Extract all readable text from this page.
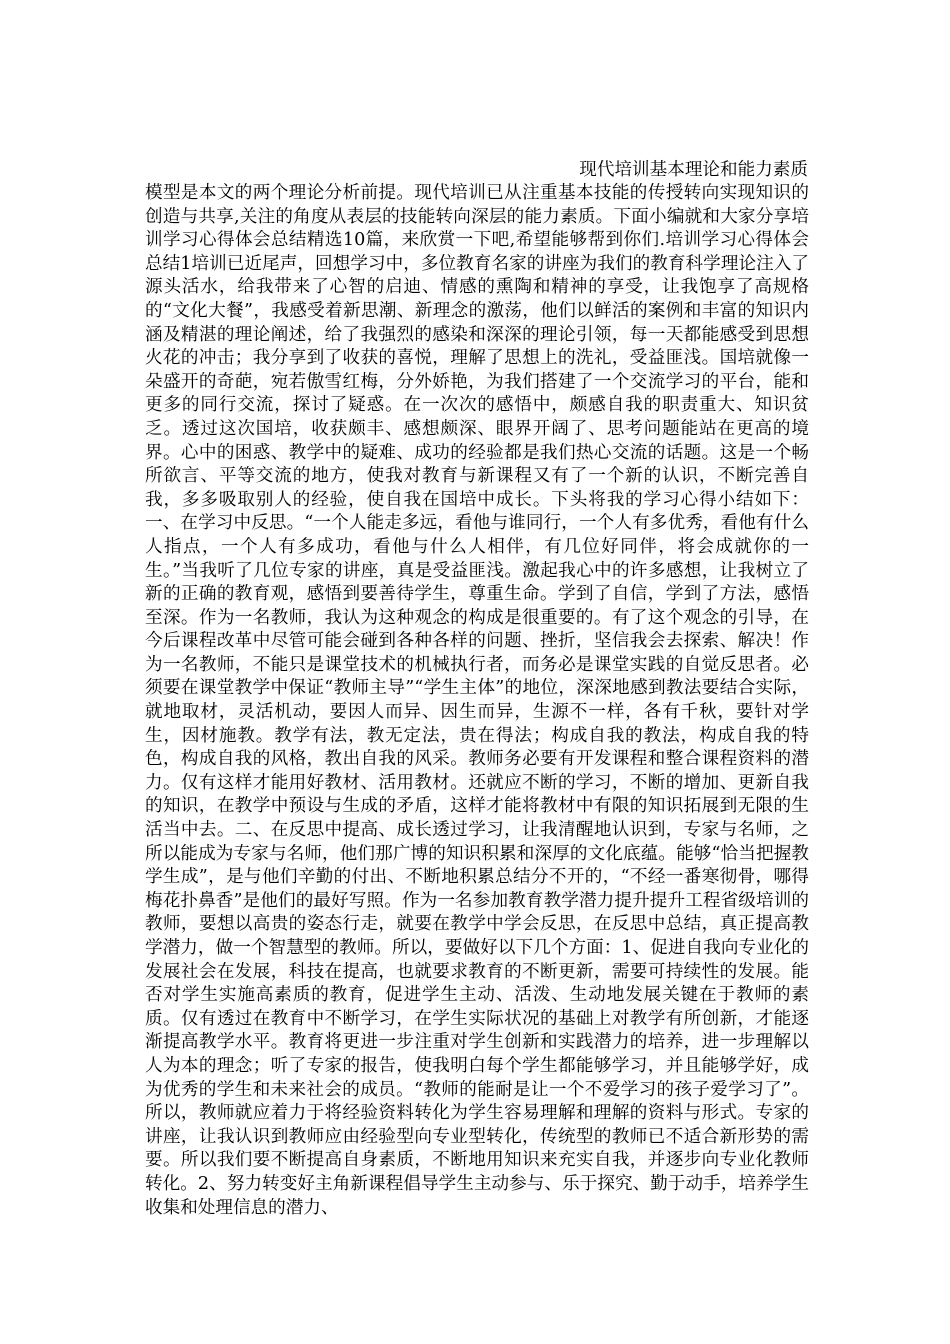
现代培训基本理论和能力素质

模型是本文的两个理论分析前提。现代培训已从注重基本技能的传授转向实现知识的创造与共享,关注的角度从表层的技能转向深层的能力素质。下面小编就和大家分享培训学习心得体会总结精选10篇，来欣赏一下吧,希望能够帮到你们.培训学习心得体会总结1培训已近尾声，回想学习中，多位教育名家的讲座为我们的教育科学理论注入了源头活水，给我带来了心智的启迪、情感的熏陶和精神的享受，让我饱享了高规格的“文化大餐”，我感受着新思潮、新理念的激荡，他们以鲜活的案例和丰富的知识内涵及精湛的理论阐述，给了我强烈的感染和深深的理论引领，每一天都能感受到思想火花的冲击；我分享到了收获的喜悦，理解了思想上的洗礼，受益匪浅。国培就像一朵盛开的奇葩，宛若傲雪红梅，分外娇艳，为我们搭建了一个交流学习的平台，能和更多的同行交流，探讨了疑惑。在一次次的感悟中，颇感自我的职责重大、知识贫乏。透过这次国培，收获颇丰、感想颇深、眼界开阔了、思考问题能站在更高的境界。心中的困惑、教学中的疑难、成功的经验都是我们热心交流的话题。这是一个畅所欲言、平等交流的地方，使我对教育与新课程又有了一个新的认识，不断完善自我，多多吸取别人的经验，使自我在国培中成长。下头将我的学习心得小结如下：一、在学习中反思。“一个人能走多远，看他与谁同行，一个人有多优秀，看他有什么人指点，一个人有多成功，看他与什么人相伴，有几位好同伴，将会成就你的一生。”当我听了几位专家的讲座，真是受益匪浅。激起我心中的许多感想，让我树立了新的正确的教育观，感悟到要善待学生，尊重生命。学到了自信，学到了方法，感悟至深。作为一名教师，我认为这种观念的构成是很重要的。有了这个观念的引导，在今后课程改革中尽管可能会碰到各种各样的问题、挫折，坚信我会去探索、解决！作为一名教师，不能只是课堂技术的机械执行者，而务必是课堂实践的自觉反思者。必须要在课堂教学中保证“教师主导”“学生主体”的地位，深深地感到教法要结合实际，就地取材，灵活机动，要因人而异、因生而异，生源不一样，各有千秋，要针对学生，因材施教。教学有法，教无定法，贵在得法；构成自我的教法，构成自我的特色，构成自我的风格，教出自我的风采。教师务必要有开发课程和整合课程资料的潜力。仅有这样才能用好教材、活用教材。还就应不断的学习，不断的增加、更新自我的知识，在教学中预设与生成的矛盾，这样才能将教材中有限的知识拓展到无限的生活当中去。二、在反思中提高、成长透过学习，让我清醒地认识到，专家与名师，之所以能成为专家与名师，他们那广博的知识积累和深厚的文化底蕴。能够“恰当把握教学生成”，是与他们辛勤的付出、不断地积累总结分不开的，“不经一番寒彻骨，哪得梅花扑鼻香”是他们的最好写照。作为一名参加教育教学潜力提升提升工程省级培训的教师，要想以高贵的姿态行走，就要在教学中学会反思，在反思中总结，真正提高教学潜力，做一个智慧型的教师。所以，要做好以下几个方面：1、促进自我向专业化的发展社会在发展，科技在提高，也就要求教育的不断更新，需要可持续性的发展。能否对学生实施高素质的教育，促进学生主动、活泼、生动地发展关键在于教师的素质。仅有透过在教育中不断学习，在学生实际状况的基础上对教学有所创新，才能逐渐提高教学水平。教育将更进一步注重对学生创新和实践潜力的培养，进一步理解以人为本的理念；听了专家的报告，使我明白每个学生都能够学习，并且能够学好，成为优秀的学生和未来社会的成员。“教师的能耐是让一个不爱学习的孩子爱学习了”。所以，教师就应着力于将经验资料转化为学生容易理解和理解的资料与形式。专家的讲座，让我认识到教师应由经验型向专业型转化，传统型的教师已不适合新形势的需要。所以我们要不断提高自身素质，不断地用知识来充实自我，并逐步向专业化教师转化。2、努力转变好主角新课程倡导学生主动参与、乐于探究、勤于动手，培养学生收集和处理信息的潜力、
